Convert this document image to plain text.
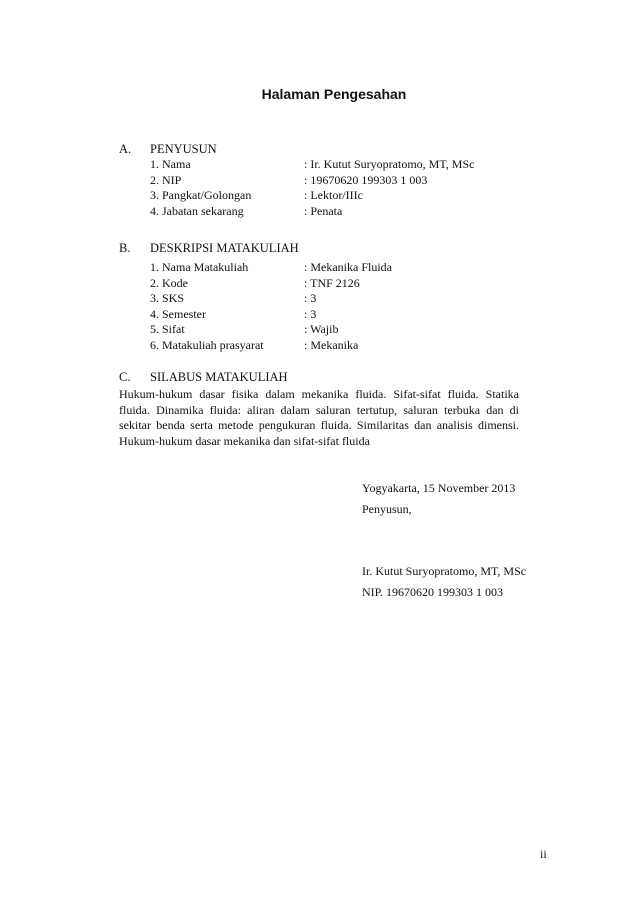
Halaman Pengesahan
A. PENYUSUN
1. Nama	: Ir. Kutut Suryopratomo, MT, MSc
2. NIP	: 19670620 199303 1 003
3. Pangkat/Golongan	: Lektor/IIIc
4. Jabatan sekarang	: Penata
B. DESKRIPSI MATAKULIAH
1. Nama Matakuliah	: Mekanika Fluida
2. Kode	: TNF 2126
3. SKS	: 3
4. Semester	: 3
5. Sifat	: Wajib
6. Matakuliah prasyarat	: Mekanika
C. SILABUS MATAKULIAH
Hukum-hukum dasar fisika dalam mekanika fluida. Sifat-sifat fluida. Statika fluida. Dinamika fluida: aliran dalam saluran tertutup, saluran terbuka dan di sekitar benda serta metode pengukuran fluida. Similaritas dan analisis dimensi. Hukum-hukum dasar mekanika dan sifat-sifat fluida
Yogyakarta, 15 November 2013
Penyusun,
Ir. Kutut Suryopratomo, MT, MSc
NIP. 19670620 199303 1 003
ii
